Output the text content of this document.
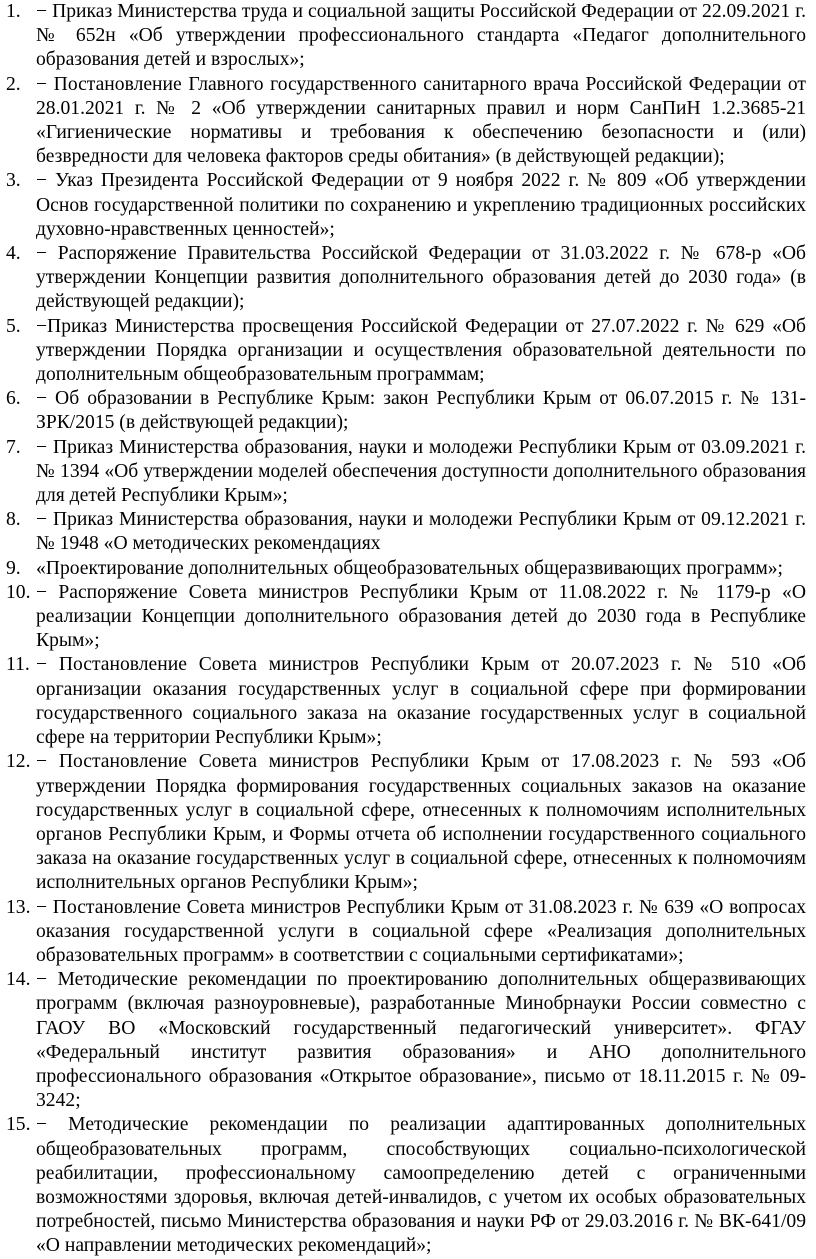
1. − Приказ Министерства труда и социальной защиты Российской Федерации от 22.09.2021 г. № 652н «Об утверждении профессионального стандарта «Педагог дополнительного образования детей и взрослых»;
2. − Постановление Главного государственного санитарного врача Российской Федерации от 28.01.2021 г. № 2 «Об утверждении санитарных правил и норм СанПиН 1.2.3685-21 «Гигиенические нормативы и требования к обеспечению безопасности и (или) безвредности для человека факторов среды обитания» (в действующей редакции);
3. − Указ Президента Российской Федерации от 9 ноября 2022 г. № 809 «Об утверждении Основ государственной политики по сохранению и укреплению традиционных российских духовно-нравственных ценностей»;
4. − Распоряжение Правительства Российской Федерации от 31.03.2022 г. № 678-р «Об утверждении Концепции развития дополнительного образования детей до 2030 года» (в действующей редакции);
5. −Приказ Министерства просвещения Российской Федерации от 27.07.2022 г. № 629 «Об утверждении Порядка организации и осуществления образовательной деятельности по дополнительным общеобразовательным программам;
6. − Об образовании в Республике Крым: закон Республики Крым от 06.07.2015 г. № 131-ЗРК/2015 (в действующей редакции);
7. − Приказ Министерства образования, науки и молодежи Республики Крым от 03.09.2021 г. № 1394 «Об утверждении моделей обеспечения доступности дополнительного образования для детей Республики Крым»;
8. − Приказ Министерства образования, науки и молодежи Республики Крым от 09.12.2021 г. № 1948 «О методических рекомендациях
9. «Проектирование дополнительных общеобразовательных общеразвивающих программ»;
10. − Распоряжение Совета министров Республики Крым от 11.08.2022 г. № 1179-р «О реализации Концепции дополнительного образования детей до 2030 года в Республике Крым»;
11. − Постановление Совета министров Республики Крым от 20.07.2023 г. № 510 «Об организации оказания государственных услуг в социальной сфере при формировании государственного социального заказа на оказание государственных услуг в социальной сфере на территории Республики Крым»;
12. − Постановление Совета министров Республики Крым от 17.08.2023 г. № 593 «Об утверждении Порядка формирования государственных социальных заказов на оказание государственных услуг в социальной сфере, отнесенных к полномочиям исполнительных органов Республики Крым, и Формы отчета об исполнении государственного социального заказа на оказание государственных услуг в социальной сфере, отнесенных к полномочиям исполнительных органов Республики Крым»;
13. − Постановление Совета министров Республики Крым от 31.08.2023 г. № 639 «О вопросах оказания государственной услуги в социальной сфере «Реализация дополнительных образовательных программ» в соответствии с социальными сертификатами»;
14. − Методические рекомендации по проектированию дополнительных общеразвивающих программ (включая разноуровневые), разработанные Минобрнауки России совместно с ГАОУ ВО «Московский государственный педагогический университет». ФГАУ «Федеральный институт развития образования» и АНО дополнительного профессионального образования «Открытое образование», письмо от 18.11.2015 г. № 09-3242;
15. − Методические рекомендации по реализации адаптированных дополнительных общеобразовательных программ, способствующих социально-психологической реабилитации, профессиональному самоопределению детей с ограниченными возможностями здоровья, включая детей-инвалидов, с учетом их особых образовательных потребностей, письмо Министерства образования и науки РФ от 29.03.2016 г. № ВК-641/09 «О направлении методических рекомендаций»;
